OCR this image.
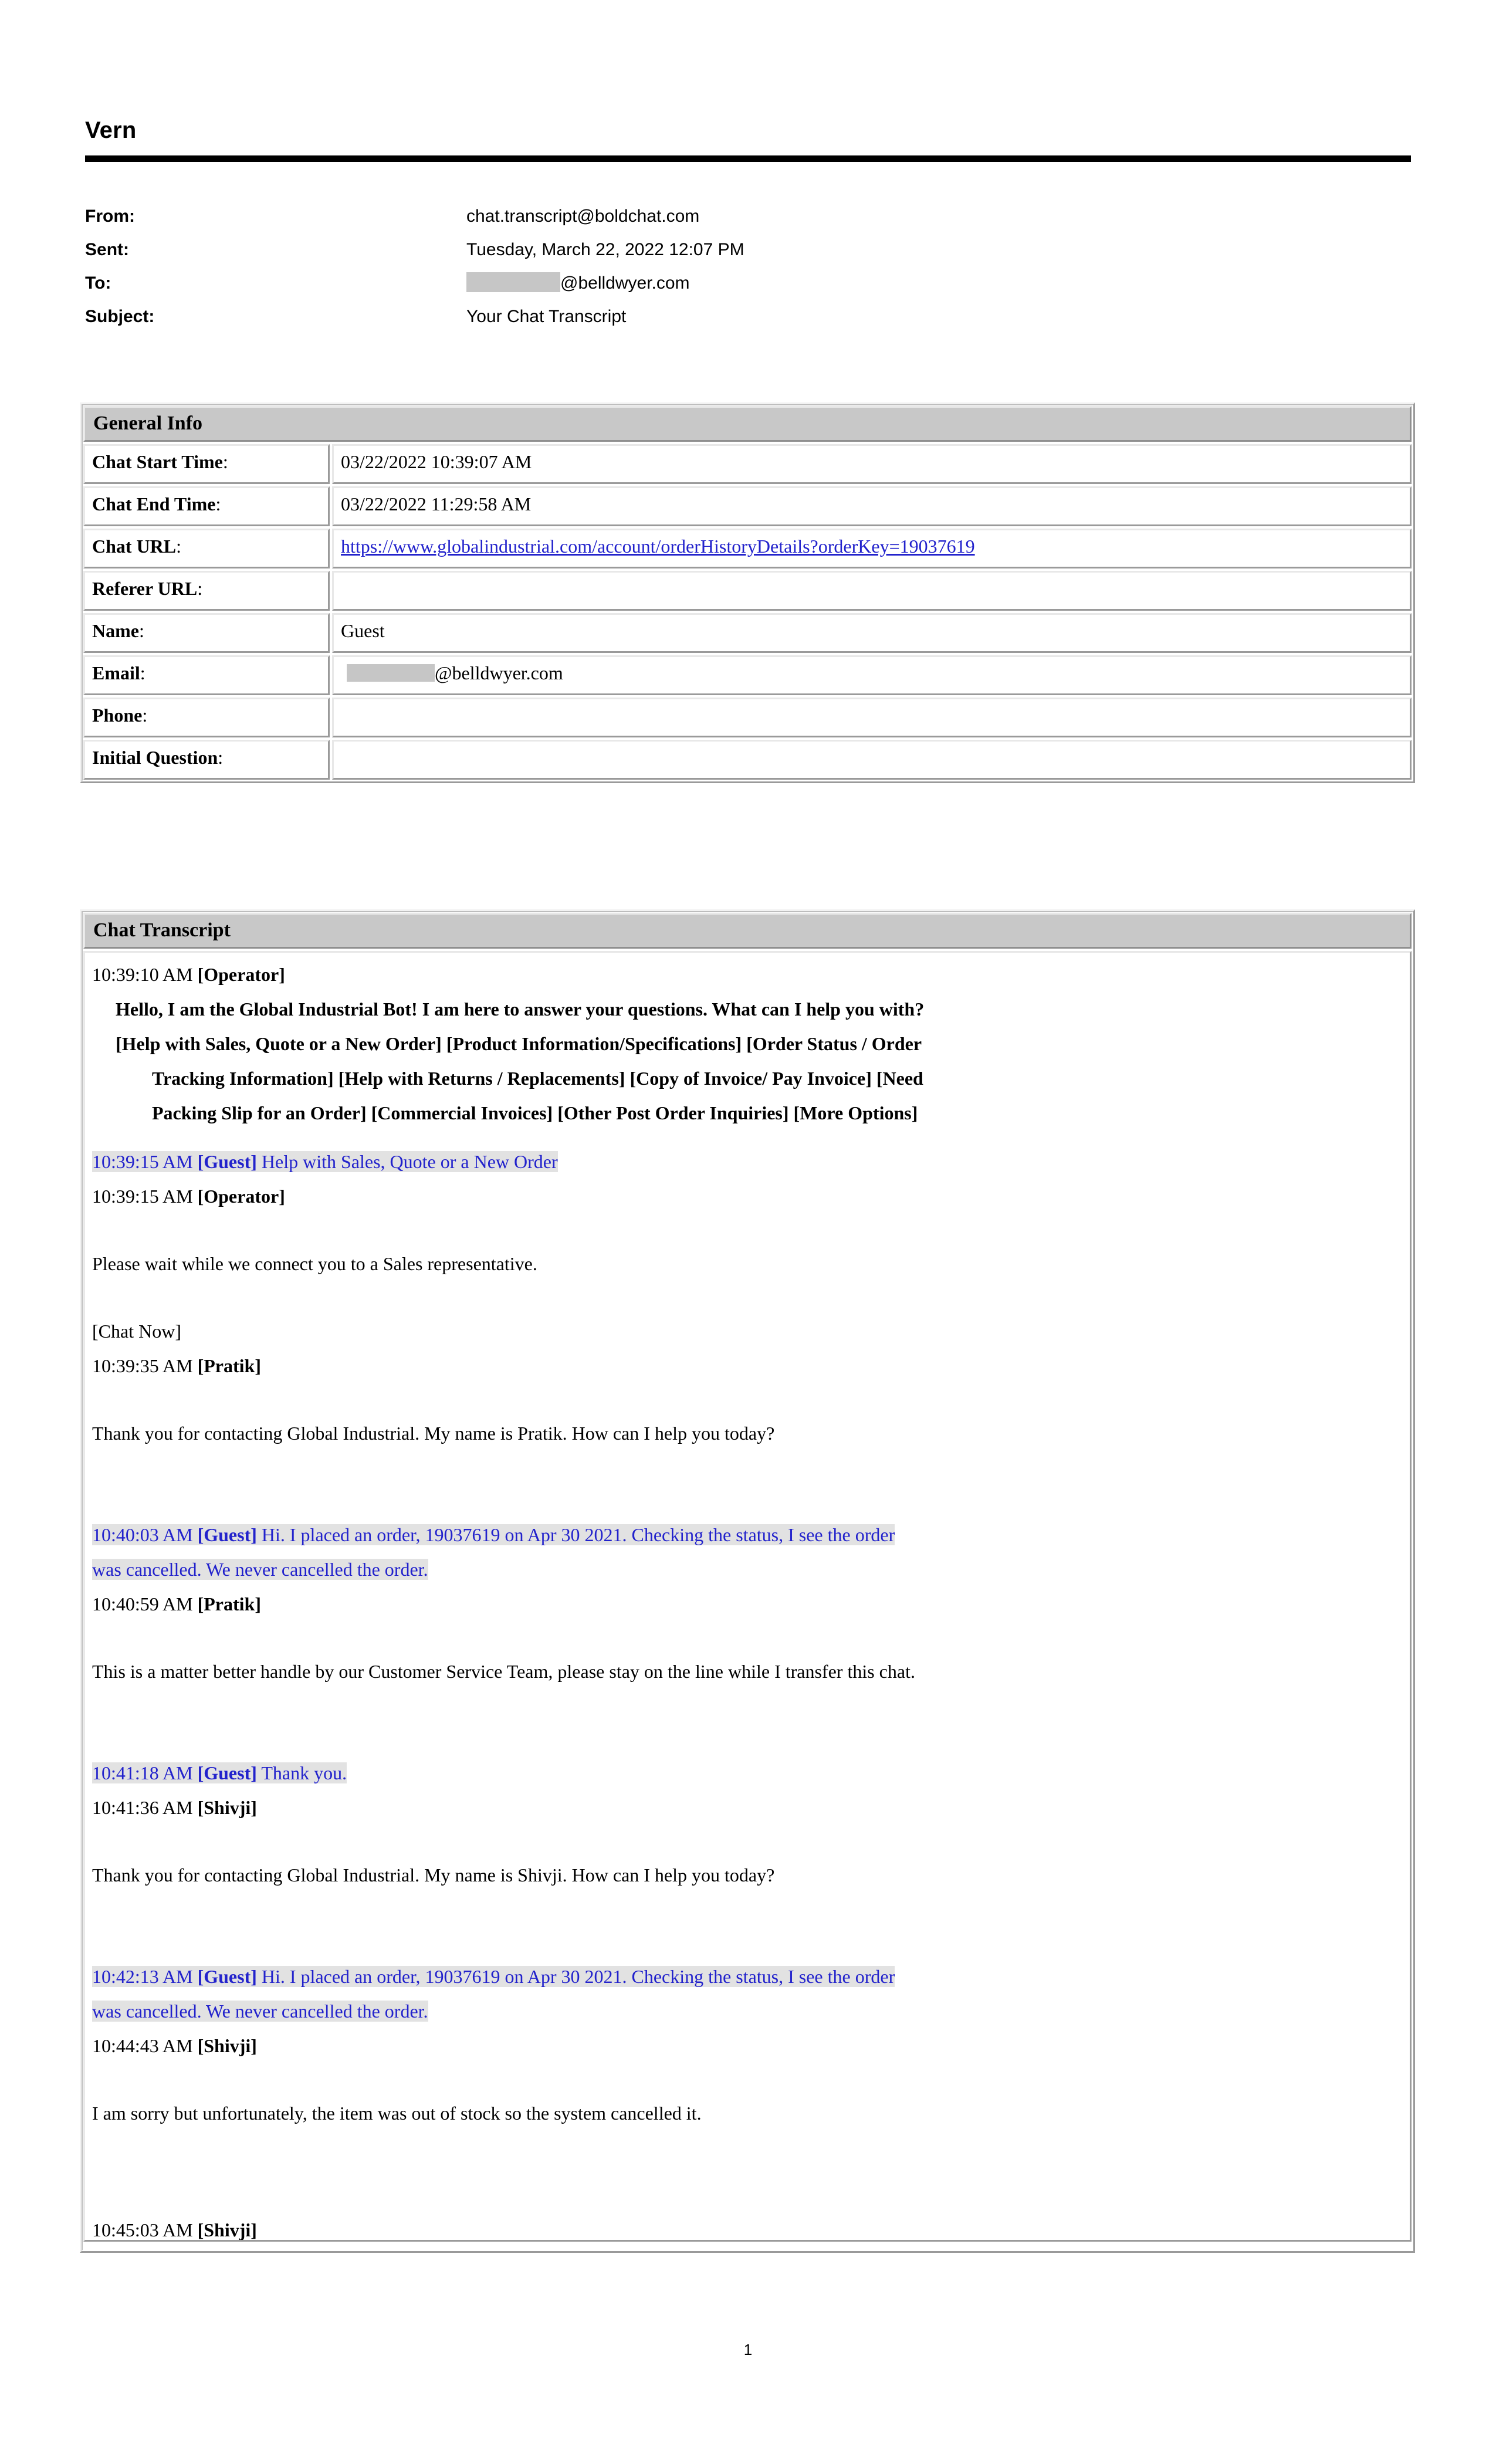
Vern
From:	chat.transcript@boldchat.com
Sent:	Tuesday, March 22, 2022 12:07 PM
To:	@belldwyer.com
Subject:	Your Chat Transcript
General Info
Chat Start Time:	03/22/2022 10:39:07 AM
Chat End Time:	03/22/2022 11:29:58 AM
Chat URL:	https://www.globalindustrial.com/account/orderHistoryDetails?orderKey=19037619
Referer URL:
Name:	Guest
Email:	@belldwyer.com
Phone:
Initial Question:
Chat Transcript
10:39:10 AM [Operator]
Hello, I am the Global Industrial Bot! I am here to answer your questions. What can I help you with?
[Help with Sales, Quote or a New Order] [Product Information/Specifications] [Order Status / Order
Tracking Information] [Help with Returns / Replacements] [Copy of Invoice/ Pay Invoice] [Need
Packing Slip for an Order] [Commercial Invoices] [Other Post Order Inquiries] [More Options]
10:39:15 AM [Guest] Help with Sales, Quote or a New Order
10:39:15 AM [Operator]
Please wait while we connect you to a Sales representative.
[Chat Now]
10:39:35 AM [Pratik]
Thank you for contacting Global Industrial. My name is Pratik. How can I help you today?
10:40:03 AM [Guest] Hi. I placed an order, 19037619 on Apr 30 2021. Checking the status, I see the order
was cancelled. We never cancelled the order.
10:40:59 AM [Pratik]
This is a matter better handle by our Customer Service Team, please stay on the line while I transfer this chat.
10:41:18 AM [Guest] Thank you.
10:41:36 AM [Shivji]
Thank you for contacting Global Industrial. My name is Shivji. How can I help you today?
10:42:13 AM [Guest] Hi. I placed an order, 19037619 on Apr 30 2021. Checking the status, I see the order
was cancelled. We never cancelled the order.
10:44:43 AM [Shivji]
I am sorry but unfortunately, the item was out of stock so the system cancelled it.
10:45:03 AM [Shivji]
1
